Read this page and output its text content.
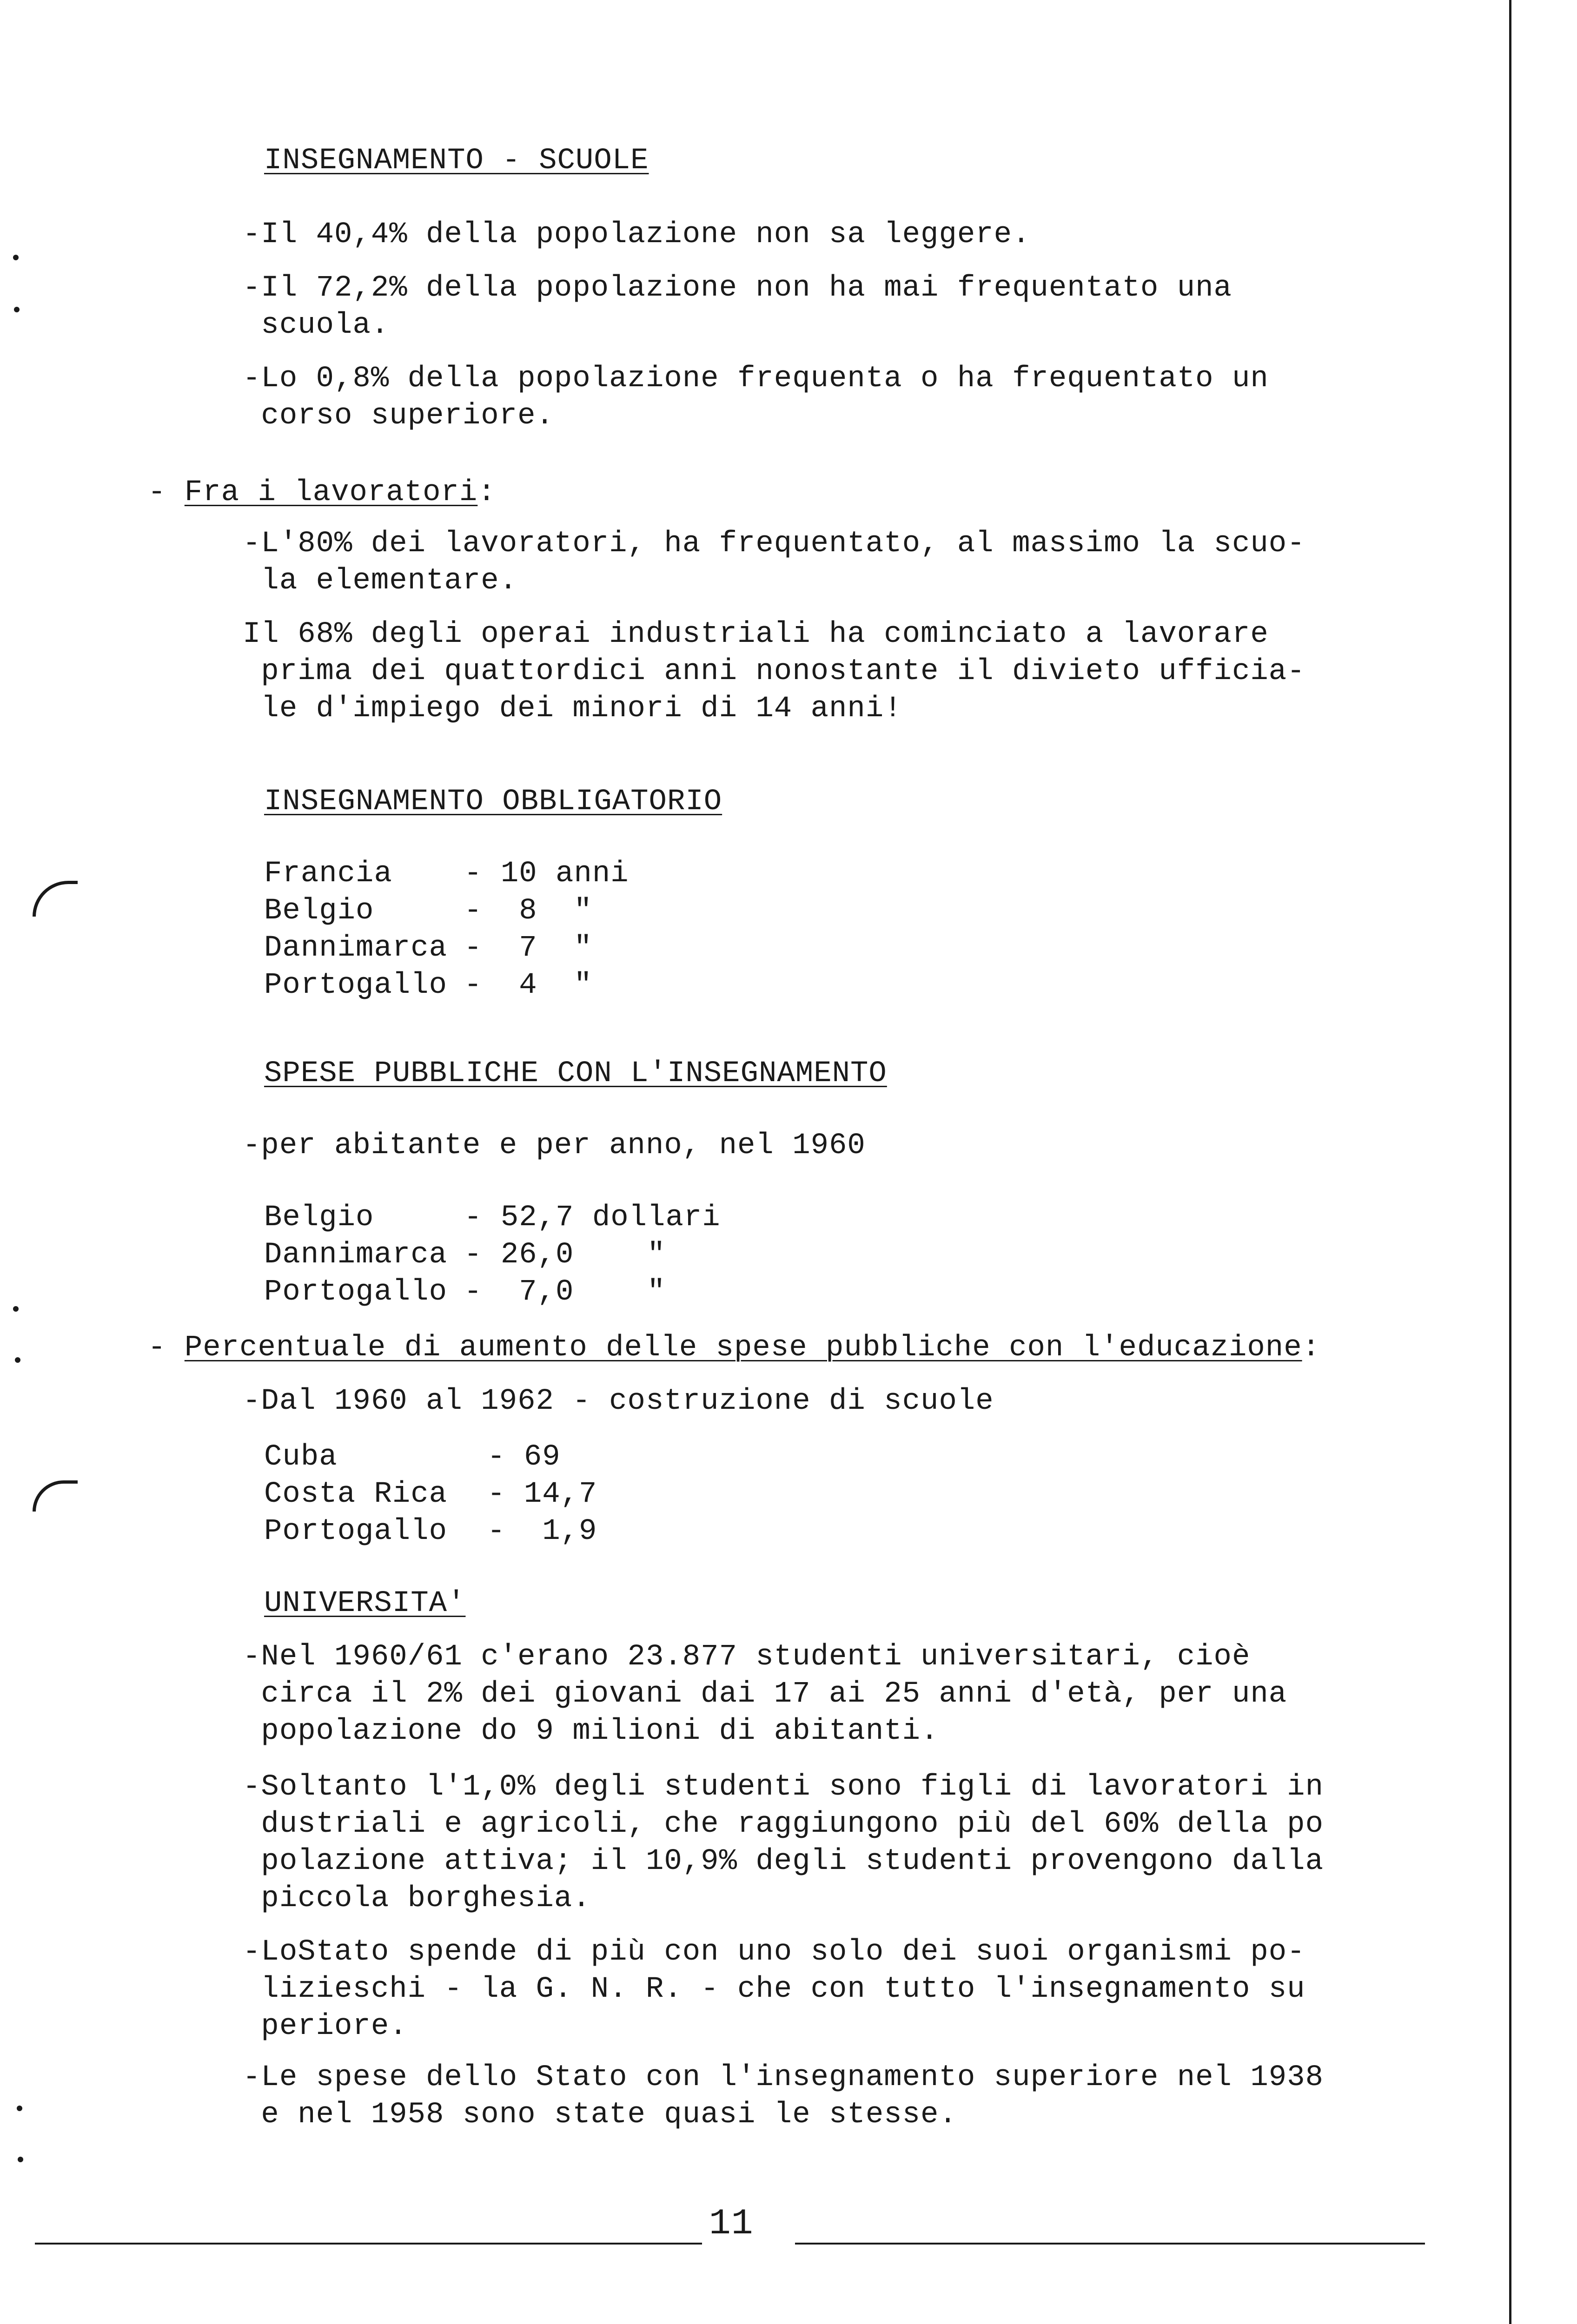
INSEGNAMENTO - SCUOLE

-Il 40,4% della popolazione non sa leggere.

-Il 72,2% della popolazione non ha mai frequentato una
scuola.

-Lo 0,8% della popolazione frequenta o ha frequentato un
corso superiore.

- Fra i lavoratori:

-L'80% dei lavoratori, ha frequentato, al massimo la scuo-
la elementare.

Il 68% degli operai industriali ha cominciato a lavorare
prima dei quattordici anni nonostante il divieto ufficia-
le d'impiego dei minori di 14 anni!

INSEGNAMENTO OBBLIGATORIO

Francia	-	10 anni
Belgio	-	8  "
Dannimarca	-	7  "
Portogallo	-	4  "

SPESE PUBBLICHE CON L'INSEGNAMENTO

-per abitante e per anno, nel 1960

Belgio	-	52,7 dollari
Dannimarca	-	26,0    "
Portogallo	-	7,0    "

- Percentuale di aumento delle spese pubbliche con l'educazione:

-Dal 1960 al 1962 - costruzione di scuole

Cuba	-	69
Costa Rica	-	14,7
Portogallo	-	1,9

UNIVERSITA'

-Nel 1960/61 c'erano 23.877 studenti universitari, cioè
circa il 2% dei giovani dai 17 ai 25 anni d'età, per una
popolazione do 9 milioni di abitanti.

-Soltanto l'1,0% degli studenti sono figli di lavoratori in
dustriali e agricoli, che raggiungono più del 60% della po
polazione attiva; il 10,9% degli studenti provengono dalla
piccola borghesia.

-LoStato spende di più con uno solo dei suoi organismi po-
lizieschi - la G. N. R. - che con tutto l'insegnamento su
periore.

-Le spese dello Stato con l'insegnamento superiore nel 1938
e nel 1958 sono state quasi le stesse.

11
